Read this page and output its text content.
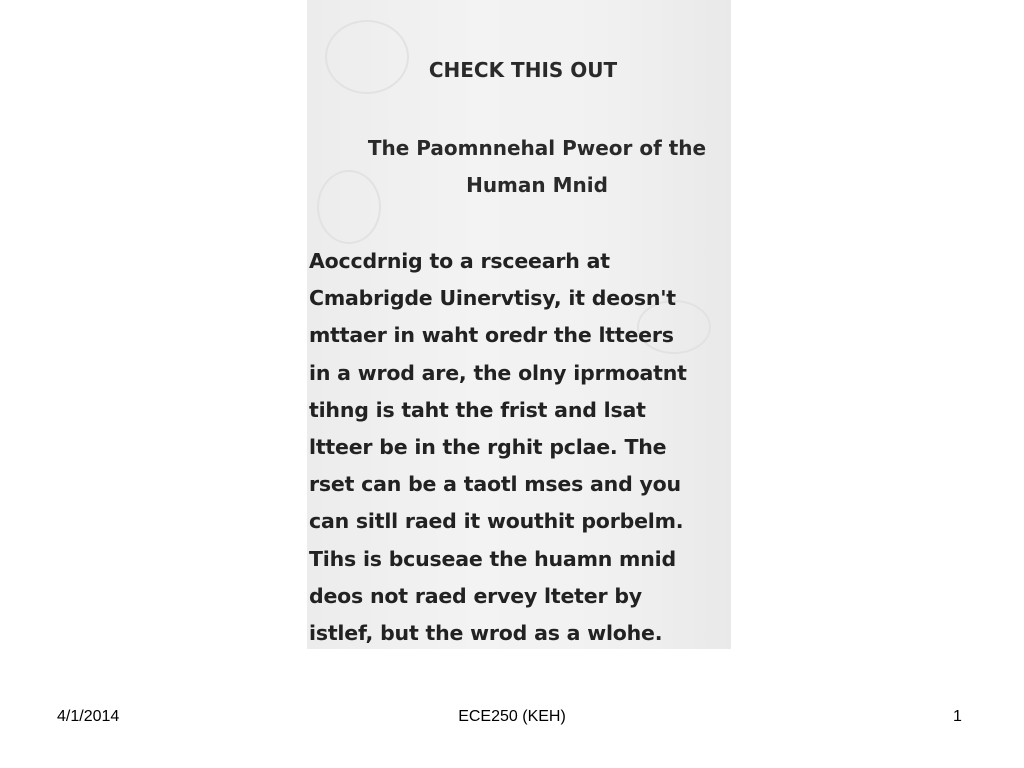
CHECK THIS OUT
The Paomnnehal Pweor of the
Human Mnid
Aoccdrnig to a rsceearh at
Cmabrigde Uinervtisy, it deosn't
mttaer in waht oredr the ltteers
in a wrod are, the olny iprmoatnt
tihng is taht the frist and lsat
ltteer be in the rghit pclae. The
rset can be a taotl mses and you
can sitll raed it wouthit porbelm.
Tihs is bcuseae the huamn mnid
deos not raed ervey lteter by
istlef, but the wrod as a wlohe.
4/1/2014	ECE250 (KEH)	1
